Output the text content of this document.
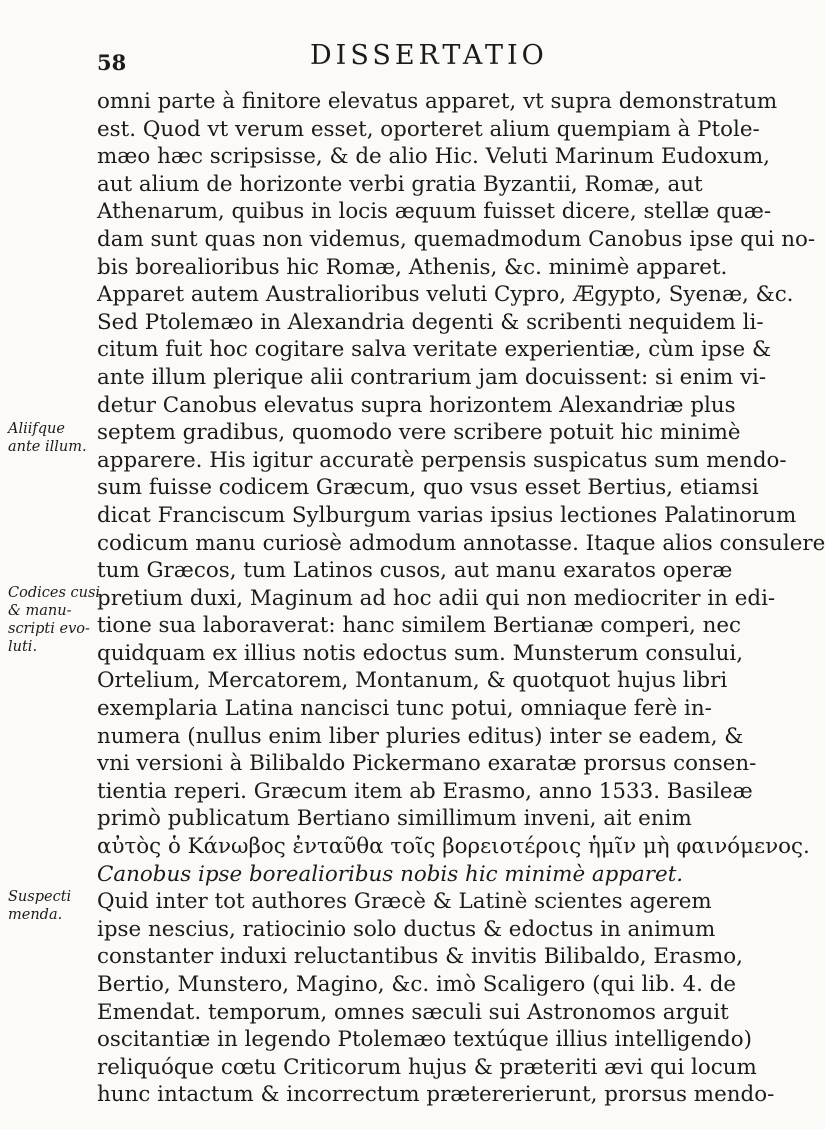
58	DISSERTATIO
Aliifque
ante illum.
Codices cusi
& manu-
scripti evo-
luti.
Suspecti
menda.
omni parte à finitore elevatus apparet, vt supra demonstratum
est. Quod vt verum esset, oporteret alium quempiam à Ptole-
mæo hæc scripsisse, & de alio Hic. Veluti Marinum Eudoxum,
aut alium de horizonte verbi gratia Byzantii, Romæ, aut
Athenarum, quibus in locis æquum fuisset dicere, stellæ quæ-
dam sunt quas non videmus, quemadmodum Canobus ipse qui no-
bis borealioribus hic Romæ, Athenis, &c. minimè apparet.
Apparet autem Australioribus veluti Cypro, Ægypto, Syenæ, &c.
Sed Ptolemæo in Alexandria degenti & scribenti nequidem li-
citum fuit hoc cogitare salva veritate experientiæ, cùm ipse &
ante illum plerique alii contrarium jam docuissent: si enim vi-
detur Canobus elevatus supra horizontem Alexandriæ plus
septem gradibus, quomodo vere scribere potuit hic minimè
apparere. His igitur accuratè perpensis suspicatus sum mendo-
sum fuisse codicem Græcum, quo vsus esset Bertius, etiamsi
dicat Franciscum Sylburgum varias ipsius lectiones Palatinorum
codicum manu curiosè admodum annotasse. Itaque alios consulere
tum Græcos, tum Latinos cusos, aut manu exaratos operæ
pretium duxi, Maginum ad hoc adii qui non mediocriter in edi-
tione sua laboraverat: hanc similem Bertianæ comperi, nec
quidquam ex illius notis edoctus sum. Munsterum consului,
Ortelium, Mercatorem, Montanum, & quotquot hujus libri
exemplaria Latina nancisci tunc potui, omniaque ferè in-
numera (nullus enim liber pluries editus) inter se eadem, &
vni versioni à Bilibaldo Pickermano exaratæ prorsus consen-
tientia reperi. Græcum item ab Erasmo, anno 1533. Basileæ
primò publicatum Bertiano simillimum inveni, ait enim
αὐτὸς ὁ Κάνωβος ἐνταῦθα τοῖς βορειοτέροις ἡμῖν μὴ φαινόμενος.
Canobus ipse borealioribus nobis hic minimè apparet.
Quid inter tot authores Græcè & Latinè scientes agerem
ipse nescius, ratiocinio solo ductus & edoctus in animum
constanter induxi reluctantibus & invitis Bilibaldo, Erasmo,
Bertio, Munstero, Magino, &c. imò Scaligero (qui lib. 4. de
Emendat. temporum, omnes sæculi sui Astronomos arguit
oscitantiæ in legendo Ptolemæo textúque illius intelligendo)
reliquóque cœtu Criticorum hujus & præteriti ævi qui locum
hunc intactum & incorrectum prætererierunt, prorsus mendo-
